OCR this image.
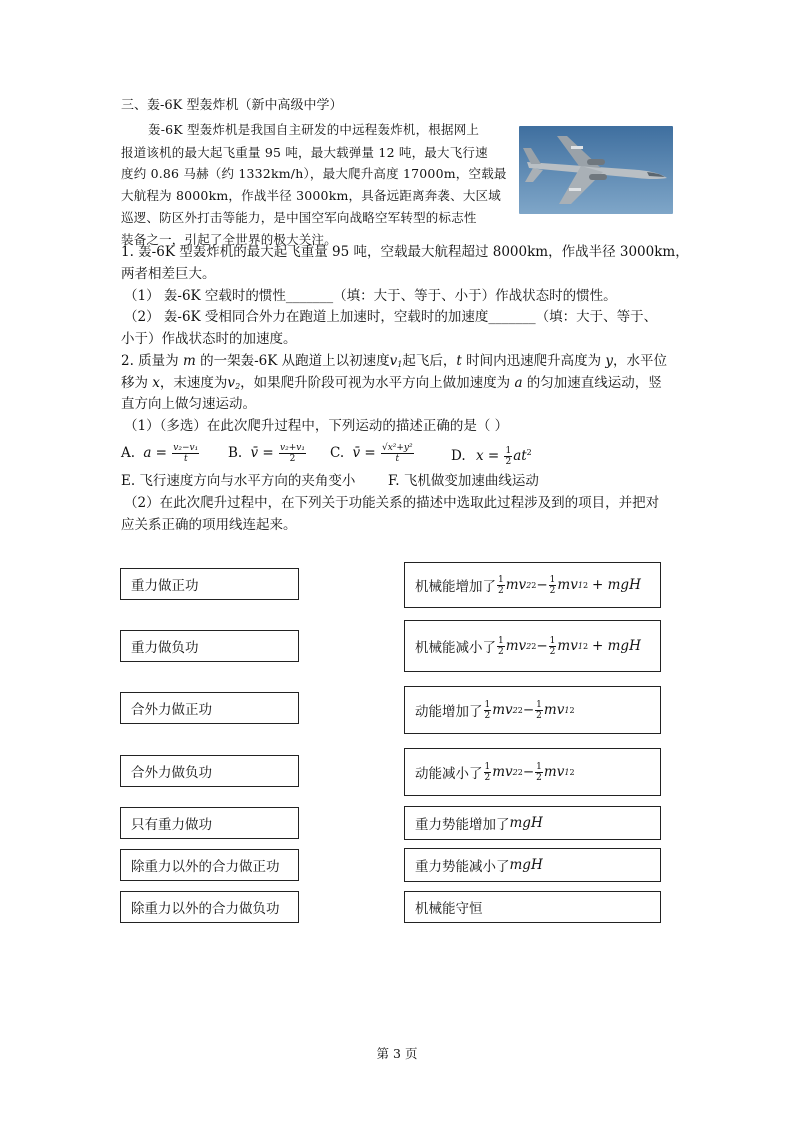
三、轰-6K 型轰炸机（新中高级中学）
轰-6K 型轰炸机是我国自主研发的中远程轰炸机，根据网上
报道该机的最大起飞重量 95 吨，最大载弹量 12 吨，最大飞行速
度约 0.86 马赫（约 1332km/h），最大爬升高度 17000m，空载最
大航程为 8000km，作战半径 3000km，具备远距离奔袭、大区域
巡逻、防区外打击等能力，是中国空军向战略空军转型的标志性
装备之一，引起了全世界的极大关注。
1. 轰-6K 型轰炸机的最大起飞重量 95 吨，空载最大航程超过 8000km，作战半径 3000km，
两者相差巨大。
（1） 轰-6K 空载时的惯性_______（填：大于、等于、小于）作战状态时的惯性。
（2） 轰-6K 受相同合外力在跑道上加速时，空载时的加速度_______（填：大于、等于、
小于）作战状态时的加速度。
2. 质量为 m 的一架轰-6K 从跑道上以初速度$v_1$起飞后，t 时间内迅速爬升高度为 y，水平位
移为 x，末速度为$v_2$，如果爬升阶段可视为水平方向上做加速度为 a 的匀加速直线运动，竖
直方向上做匀速运动。
（1）（多选）在此次爬升过程中，下列运动的描述正确的是（ ）
A. $a = \frac{\text{v₂−v₁}}{t} B$. v̄ = $\frac{\text{v₂+v₁}}{2} C$. v̄ = $\frac{\text{√x²+y²}}{t}$	D. $x = \frac{1}{2} at^2$
E. 飞行速度方向与水平方向的夹角变小 F. 飞机做变加速曲线运动
（2）在此次爬升过程中，在下列关于功能关系的描述中选取此过程涉及到的项目，并把对
应关系正确的项用线连起来。
重力做正功
重力做负功
合外力做正功
合外力做负功
只有重力做功
除重力以外的合力做正功
除重力以外的合力做负功
机械能增加了 $\frac{1}{2}$ mv 2 $2 - \frac{1}{2}$ mv 1 2 + mgH
机械能减小了 $\frac{1}{2}$ mv 2 $2 - \frac{1}{2}$ mv 1 2 + mgH
动能增加了 $\frac{1}{2}$ mv 2 $2 - \frac{1}{2}$ mv 1 2
动能减小了 $\frac{1}{2}$ mv 2 $2 - \frac{1}{2}$ mv 1 2
重力势能增加了 mgH
重力势能减小了 mgH
机械能守恒
第 3 页
